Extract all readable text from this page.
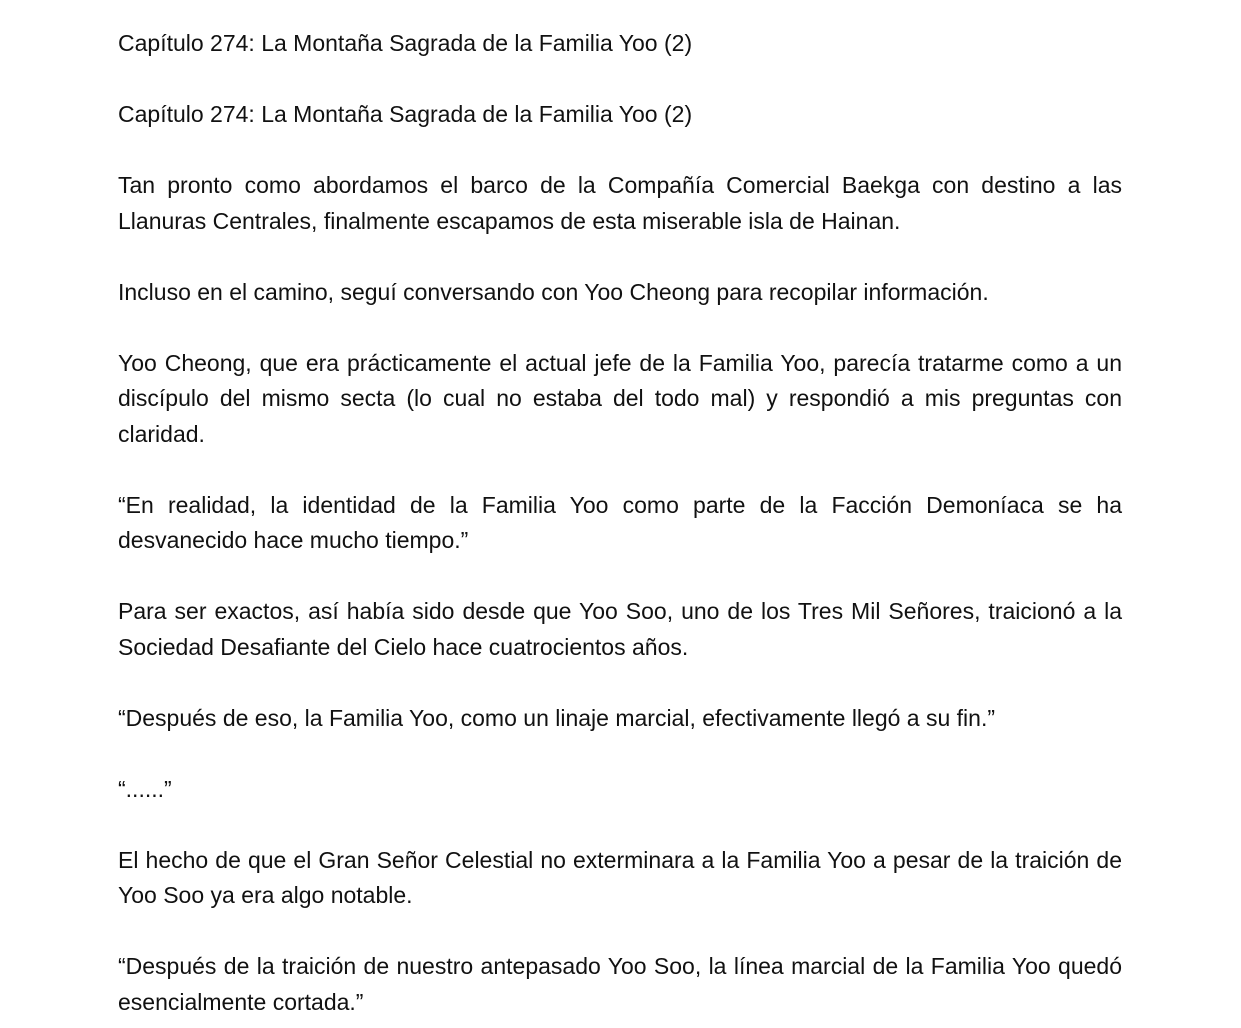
Capítulo 274: La Montaña Sagrada de la Familia Yoo (2)

Capítulo 274: La Montaña Sagrada de la Familia Yoo (2)

Tan pronto como abordamos el barco de la Compañía Comercial Baekga con destino a las Llanuras Centrales, finalmente escapamos de esta miserable isla de Hainan.

Incluso en el camino, seguí conversando con Yoo Cheong para recopilar información.

Yoo Cheong, que era prácticamente el actual jefe de la Familia Yoo, parecía tratarme como a un discípulo del mismo secta (lo cual no estaba del todo mal) y respondió a mis preguntas con claridad.

“En realidad, la identidad de la Familia Yoo como parte de la Facción Demoníaca se ha desvanecido hace mucho tiempo.”

Para ser exactos, así había sido desde que Yoo Soo, uno de los Tres Mil Señores, traicionó a la Sociedad Desafiante del Cielo hace cuatrocientos años.

“Después de eso, la Familia Yoo, como un linaje marcial, efectivamente llegó a su fin.”

“......”

El hecho de que el Gran Señor Celestial no exterminara a la Familia Yoo a pesar de la traición de Yoo Soo ya era algo notable.

“Después de la traición de nuestro antepasado Yoo Soo, la línea marcial de la Familia Yoo quedó esencialmente cortada.”
